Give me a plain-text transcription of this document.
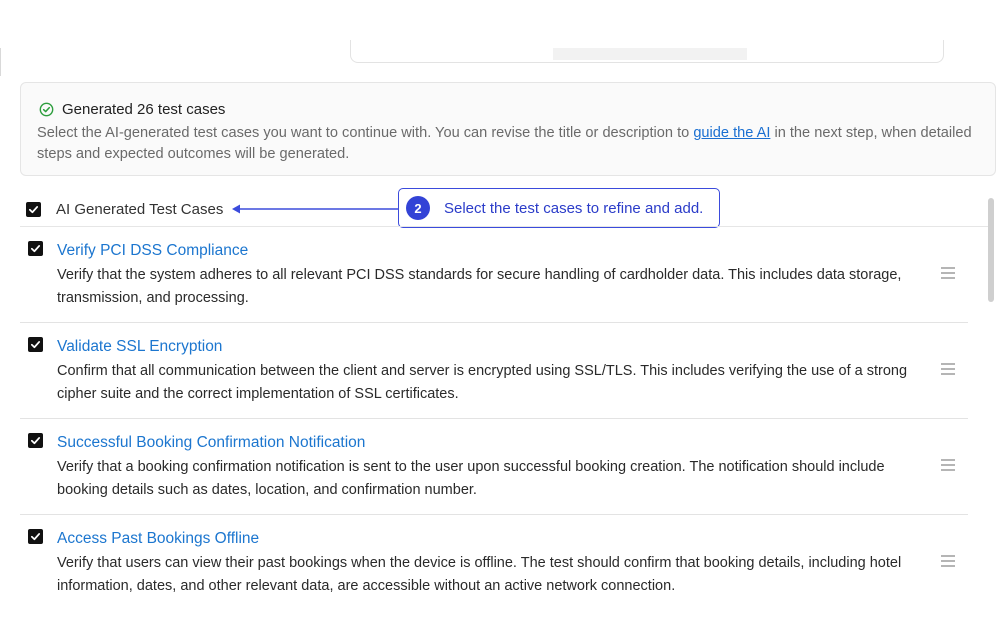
Generated 26 test cases
Select the AI-generated test cases you want to continue with. You can revise the title or description to guide the AI in the next step, when detailed steps and expected outcomes will be generated.
AI Generated Test Cases	2	Select the test cases to refine and add.
Verify PCI DSS Compliance
Verify that the system adheres to all relevant PCI DSS standards for secure handling of cardholder data. This includes data storage, transmission, and processing.
Validate SSL Encryption
Confirm that all communication between the client and server is encrypted using SSL/TLS. This includes verifying the use of a strong cipher suite and the correct implementation of SSL certificates.
Successful Booking Confirmation Notification
Verify that a booking confirmation notification is sent to the user upon successful booking creation. The notification should include booking details such as dates, location, and confirmation number.
Access Past Bookings Offline
Verify that users can view their past bookings when the device is offline. The test should confirm that booking details, including hotel information, dates, and other relevant data, are accessible without an active network connection.
